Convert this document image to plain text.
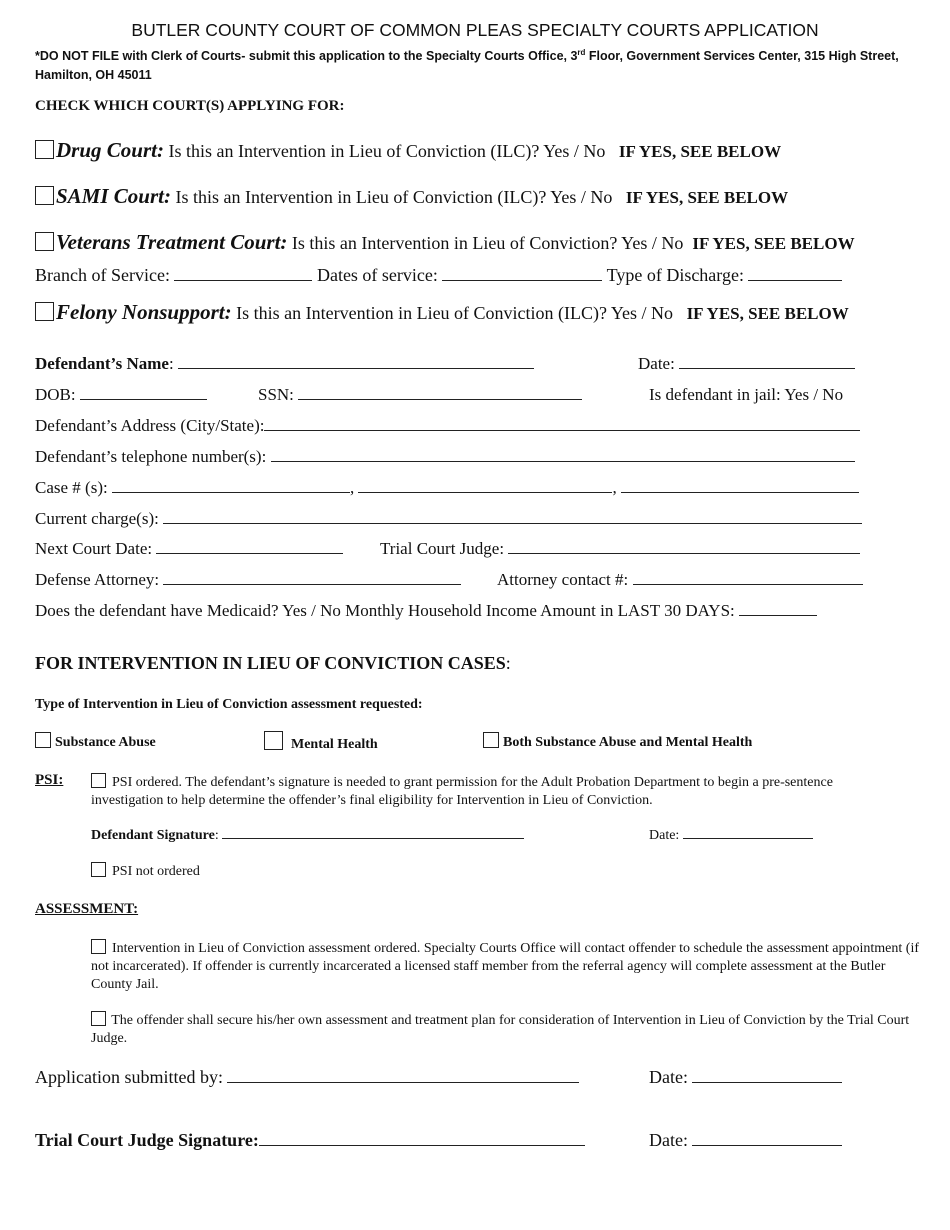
BUTLER COUNTY COURT OF COMMON PLEAS SPECIALTY COURTS APPLICATION
*DO NOT FILE with Clerk of Courts- submit this application to the Specialty Courts Office, 3rd Floor, Government Services Center, 315 High Street,
Hamilton, OH 45011
CHECK WHICH COURT(S) APPLYING FOR:
Drug Court: Is this an Intervention in Lieu of Conviction (ILC)? Yes / No IF YES, SEE BELOW
SAMI Court: Is this an Intervention in Lieu of Conviction (ILC)? Yes / No IF YES, SEE BELOW
Veterans Treatment Court: Is this an Intervention in Lieu of Conviction? Yes / No IF YES, SEE BELOW
Branch of Service:	Dates of service:	Type of Discharge:
Felony Nonsupport: Is this an Intervention in Lieu of Conviction (ILC)? Yes / No IF YES, SEE BELOW
Defendant’s Name:	Date:
DOB:	SSN:	Is defendant in jail: Yes / No
Defendant’s Address (City/State):
Defendant’s telephone number(s):
Case # (s):	,	,
Current charge(s):
Next Court Date:	Trial Court Judge:
Defense Attorney:	Attorney contact #:
Does the defendant have Medicaid? Yes / No Monthly Household Income Amount in LAST 30 DAYS:
FOR INTERVENTION IN LIEU OF CONVICTION CASES:
Type of Intervention in Lieu of Conviction assessment requested:
Substance Abuse	Mental Health	Both Substance Abuse and Mental Health
PSI:	PSI ordered. The defendant’s signature is needed to grant permission for the Adult Probation Department to begin a pre-sentence investigation to help determine the offender’s final eligibility for Intervention in Lieu of Conviction.
Defendant Signature:	Date:
PSI not ordered
ASSESSMENT:
Intervention in Lieu of Conviction assessment ordered. Specialty Courts Office will contact offender to schedule the assessment appointment (if not incarcerated). If offender is currently incarcerated a licensed staff member from the referral agency will complete assessment at the Butler County Jail.
The offender shall secure his/her own assessment and treatment plan for consideration of Intervention in Lieu of Conviction by the Trial Court Judge.
Application submitted by:	Date:
Trial Court Judge Signature:	Date:
